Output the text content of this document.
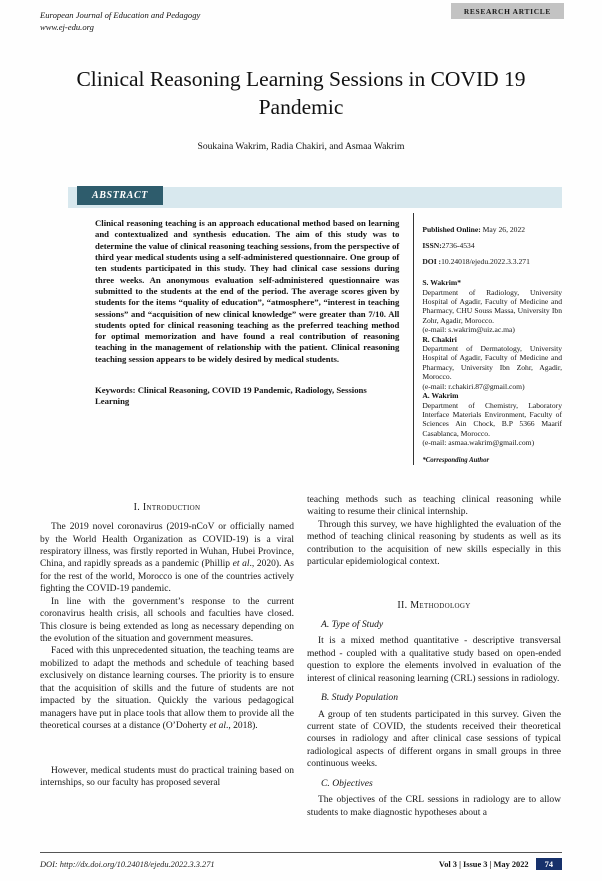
European Journal of Education and Pedagogy
www.ej-edu.org
RESEARCH ARTICLE
Clinical Reasoning Learning Sessions in COVID 19 Pandemic
Soukaina Wakrim, Radia Chakiri, and Asmaa Wakrim
ABSTRACT
Clinical reasoning teaching is an approach educational method based on learning and contextualized and synthesis education. The aim of this study was to determine the value of clinical reasoning teaching sessions, from the perspective of third year medical students using a self-administered questionnaire. One group of ten students participated in this study. They had clinical case sessions during three weeks. An anonymous evaluation self-administered questionnaire was submitted to the students at the end of the period. The average scores given by students for the items “quality of education”, “atmosphere”, “interest in teaching sessions” and “acquisition of new clinical knowledge” were greater than 7/10. All students opted for clinical reasoning teaching as the preferred teaching method for optimal memorization and have found a real contribution of reasoning teaching in the management of relationship with the patient. Clinical reasoning teaching session appears to be widely desired by medical students.
Keywords: Clinical Reasoning, COVID 19 Pandemic, Radiology, Sessions Learning
Published Online: May 26, 2022
ISSN:2736-4534
DOI :10.24018/ejedu.2022.3.3.271
S. Wakrim*
Department of Radiology, University Hospital of Agadir, Faculty of Medicine and Pharmacy, CHU Souss Massa, University Ibn Zohr, Agadir, Morocco.
(e-mail: s.wakrim@uiz.ac.ma)
R. Chakiri
Department of Dermatology, University Hospital of Agadir, Faculty of Medicine and Pharmacy, University Ibn Zohr, Agadir, Morocco.
(e-mail: r.chakiri.87@gmail.com)
A. Wakrim
Department of Chemistry, Laboratory Interface Materials Environment, Faculty of Sciences Ain Chock, B.P 5366 Maarif Casablanca, Morocco.
(e-mail: asmaa.wakrim@gmail.com)
*Corresponding Author
I. Introduction
The 2019 novel coronavirus (2019-nCoV or officially named by the World Health Organization as COVID-19) is a viral respiratory illness, was firstly reported in Wuhan, Hubei Province, China, and rapidly spreads as a pandemic (Phillip et al., 2020). As for the rest of the world, Morocco is one of the countries actively fighting the COVID-19 pandemic.
In line with the government’s response to the current coronavirus health crisis, all schools and faculties have closed. This closure is being extended as long as necessary depending on the evolution of the situation and government measures.
Faced with this unprecedented situation, the teaching teams are mobilized to adapt the methods and schedule of teaching based exclusively on distance learning courses. The priority is to ensure that the acquisition of skills and the future of students are not impacted by the situation. Quickly the various pedagogical managers have put in place tools that allow them to provide all the theoretical courses at a distance (O’Doherty et al., 2018).
However, medical students must do practical training based on internships, so our faculty has proposed several
teaching methods such as teaching clinical reasoning while waiting to resume their clinical internship.
Through this survey, we have highlighted the evaluation of the method of teaching clinical reasoning by students as well as its contribution to the acquisition of new skills especially in this particular epidemiological context.
II. Methodology
A. Type of Study
It is a mixed method quantitative - descriptive transversal method - coupled with a qualitative study based on open-ended question to explore the elements involved in evaluation of the interest of clinical reasoning learning (CRL) sessions in radiology.
B. Study Population
A group of ten students participated in this survey. Given the current state of COVID, the students received their theoretical courses in radiology and after clinical case sessions of typical radiological aspects of different organs in small groups in three continuous weeks.
C. Objectives
The objectives of the CRL sessions in radiology are to allow students to make diagnostic hypotheses about a
DOI: http://dx.doi.org/10.24018/ejedu.2022.3.3.271	Vol 3 | Issue 3 | May 2022	74
